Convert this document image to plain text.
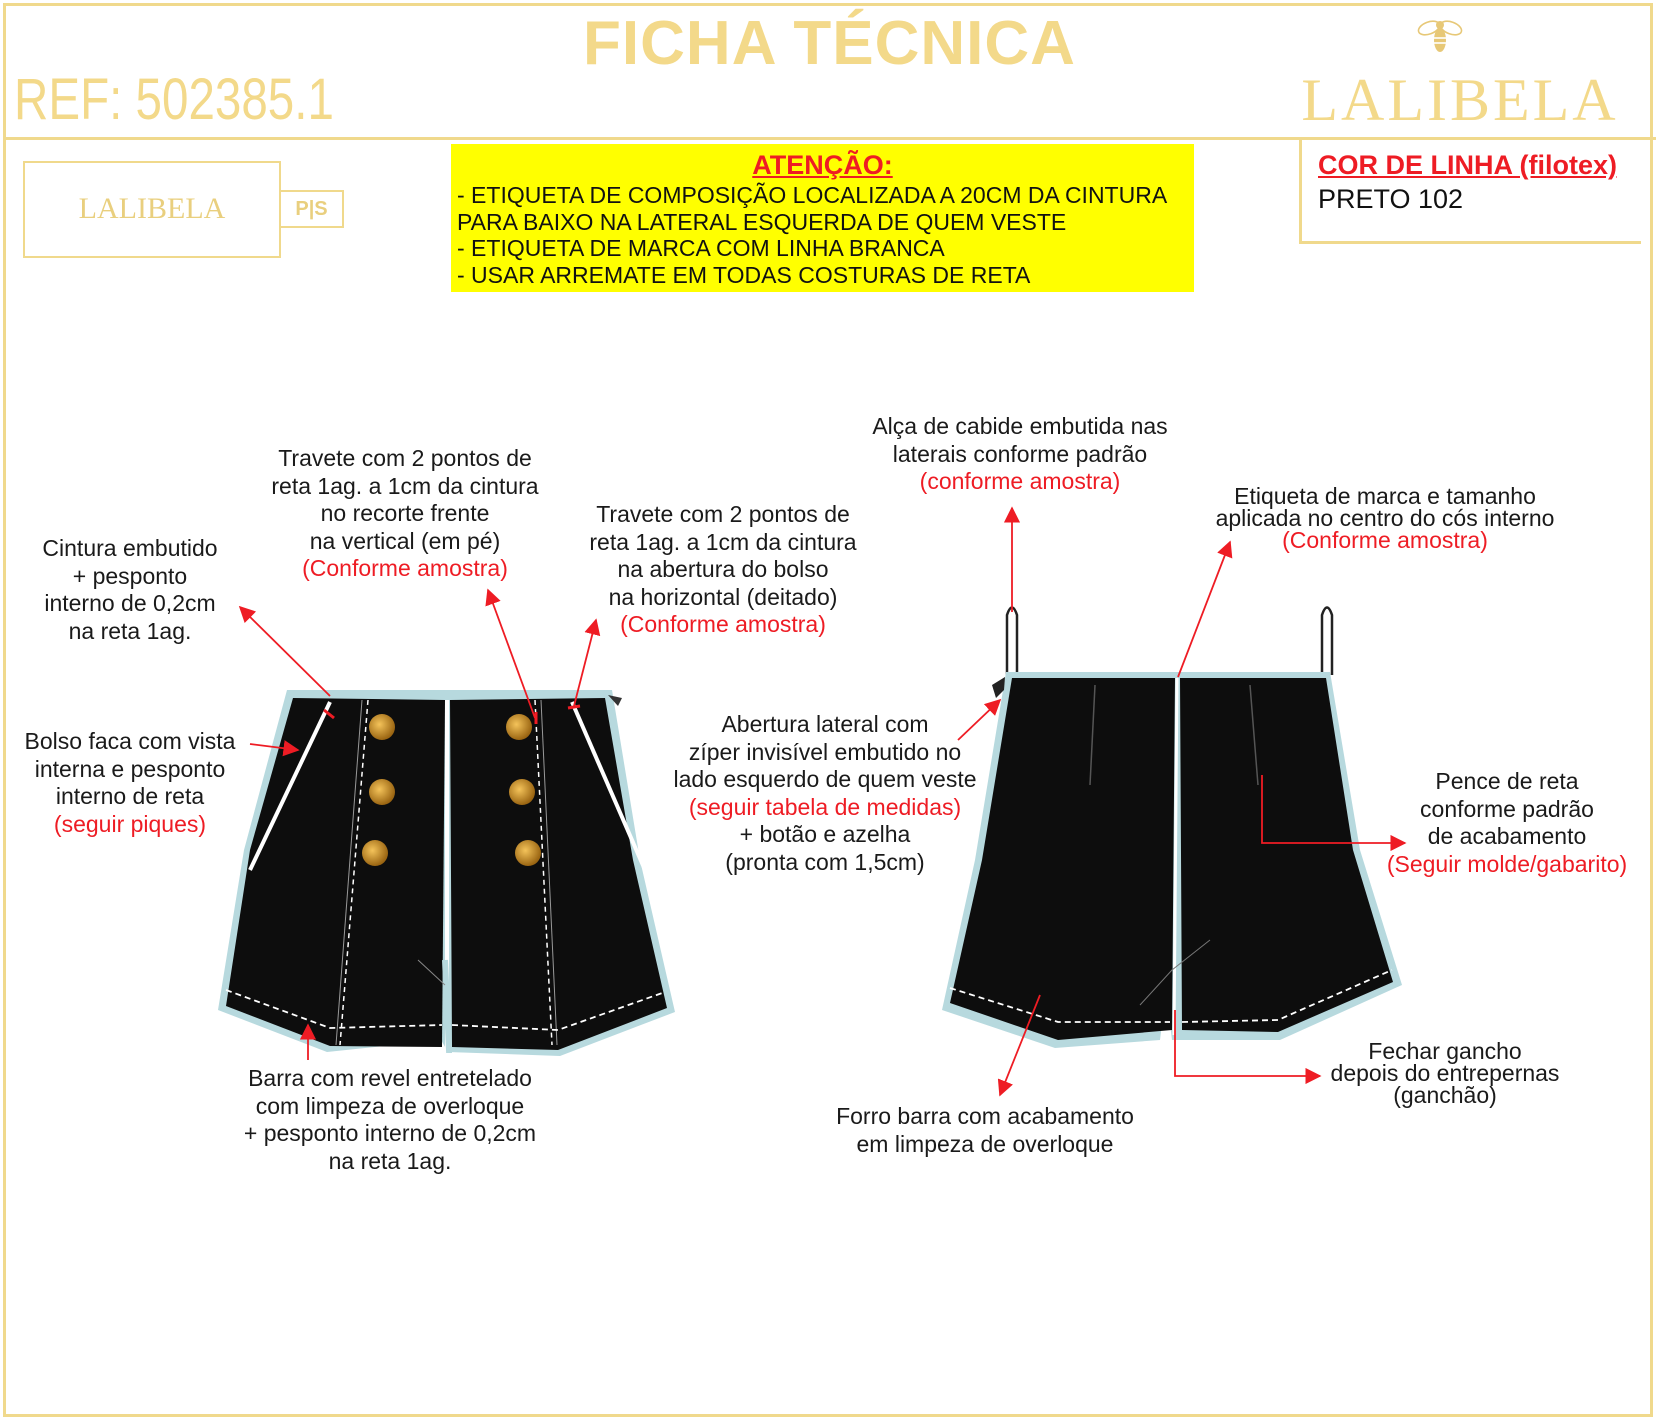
FICHA TÉCNICA
REF: 502385.1	LALIBELA
LALIBELA	P|S
ATENÇÃO:
- ETIQUETA DE COMPOSIÇÃO LOCALIZADA A 20CM DA CINTURA
PARA BAIXO NA LATERAL ESQUERDA DE QUEM VESTE
- ETIQUETA DE MARCA COM LINHA BRANCA
- USAR ARREMATE EM TODAS COSTURAS DE RETA
COR DE LINHA (filotex)
PRETO 102
Cintura embutido
+ pesponto
interno de 0,2cm
na reta 1ag.
Travete com 2 pontos de
reta 1ag. a 1cm da cintura
no recorte frente
na vertical (em pé)
(Conforme amostra)
Travete com 2 pontos de
reta 1ag. a 1cm da cintura
na abertura do bolso
na horizontal (deitado)
(Conforme amostra)
Bolso faca com vista
interna e pesponto
interno de reta
(seguir piques)
Barra com revel entretelado
com limpeza de overloque
+ pesponto interno de 0,2cm
na reta 1ag.
Alça de cabide embutida nas
laterais conforme padrão
(conforme amostra)
Etiqueta de marca e tamanho
aplicada no centro do cós interno
(Conforme amostra)
Abertura lateral com
zíper invisível embutido no
lado esquerdo de quem veste
(seguir tabela de medidas)
+ botão e azelha
(pronta com 1,5cm)
Pence de reta
conforme padrão
de acabamento
(Seguir molde/gabarito)
Fechar gancho
depois do entrepernas
(ganchão)
Forro barra com acabamento
em limpeza de overloque
